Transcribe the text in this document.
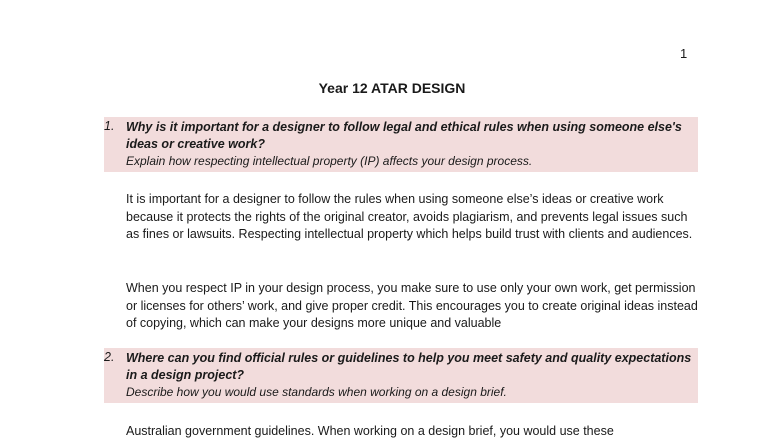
1
Year 12 ATAR DESIGN
1. Why is it important for a designer to follow legal and ethical rules when using someone else's ideas or creative work?
Explain how respecting intellectual property (IP) affects your design process.
It is important for a designer to follow the rules when using someone else’s ideas or creative work because it protects the rights of the original creator, avoids plagiarism, and prevents legal issues such as fines or lawsuits. Respecting intellectual property which helps build trust with clients and audiences.
When you respect IP in your design process, you make sure to use only your own work, get permission or licenses for others’ work, and give proper credit. This encourages you to create original ideas instead of copying, which can make your designs more unique and valuable
2. Where can you find official rules or guidelines to help you meet safety and quality expectations in a design project?
Describe how you would use standards when working on a design brief.
Australian government guidelines. When working on a design brief, you would use these
